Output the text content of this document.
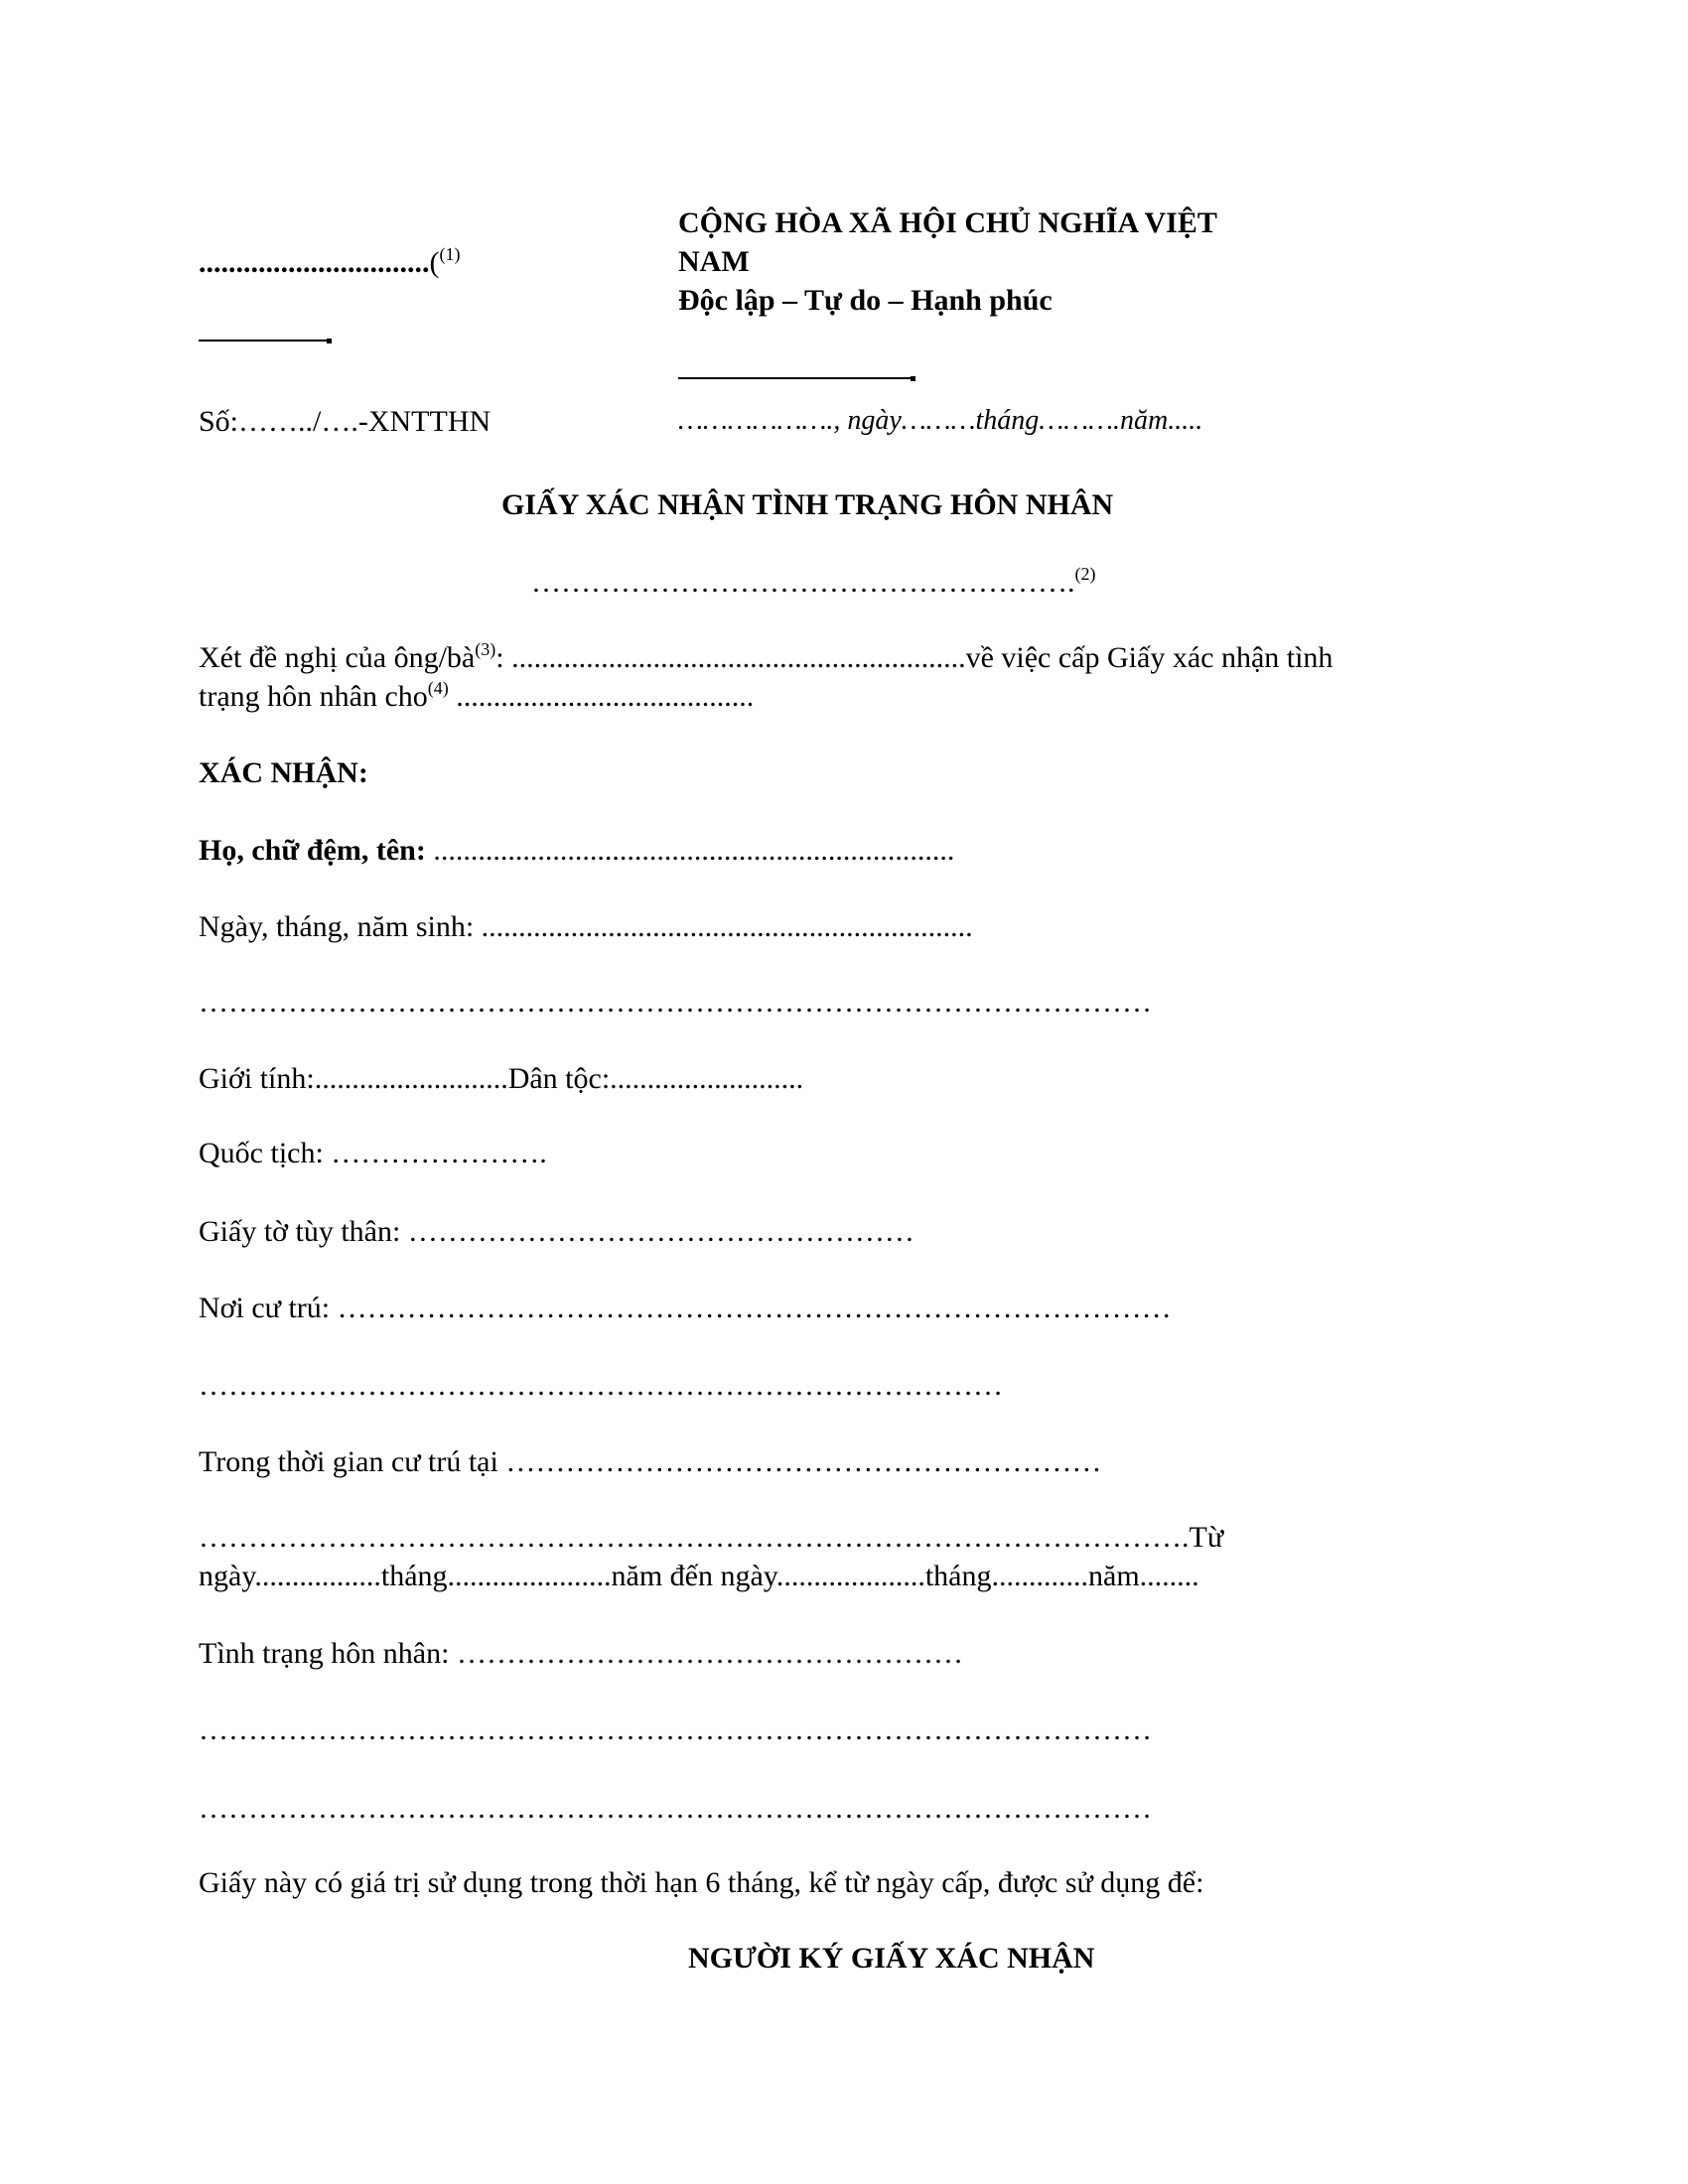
...............................($^{(1)}$
Số:……../….-XNTTHN
CỘNG HÒA XÃ HỘI CHỦ NGHĨA VIỆT
NAM
Độc lập – Tự do – Hạnh phúc
………………., ngày………tháng……….năm.....
GIẤY XÁC NHẬN TÌNH TRẠNG HÔN NHÂN
……………………………………………….$^{(2)}$
Xét đề nghị của ông/$bà^{(3)}$: .............................................................về việc cấp Giấy xác nhận tình
trạng hôn nhân cho$^{(4)}$ ........................................
XÁC NHẬN:
Họ, chữ đệm, tên: ......................................................................
Ngày, tháng, năm sinh: ..................................................................
……………………………………………………………………………………
Giới tính:..........................Dân tộc:..........................
Quốc tịch: ………………….
Giấy tờ tùy thân: ……………………………………………
Nơi cư trú: …………………………………………………………………………
………………………………………………………………………
Trong thời gian cư trú tại ……………………………………………………
……………………………………………………………………………………….Từ
ngày.................tháng......................năm đến ngày....................tháng.............năm........
Tình trạng hôn nhân: ……………………………………………
……………………………………………………………………………………
……………………………………………………………………………………
Giấy này có giá trị sử dụng trong thời hạn 6 tháng, kể từ ngày cấp, được sử dụng để:
NGƯỜI KÝ GIẤY XÁC NHẬN
